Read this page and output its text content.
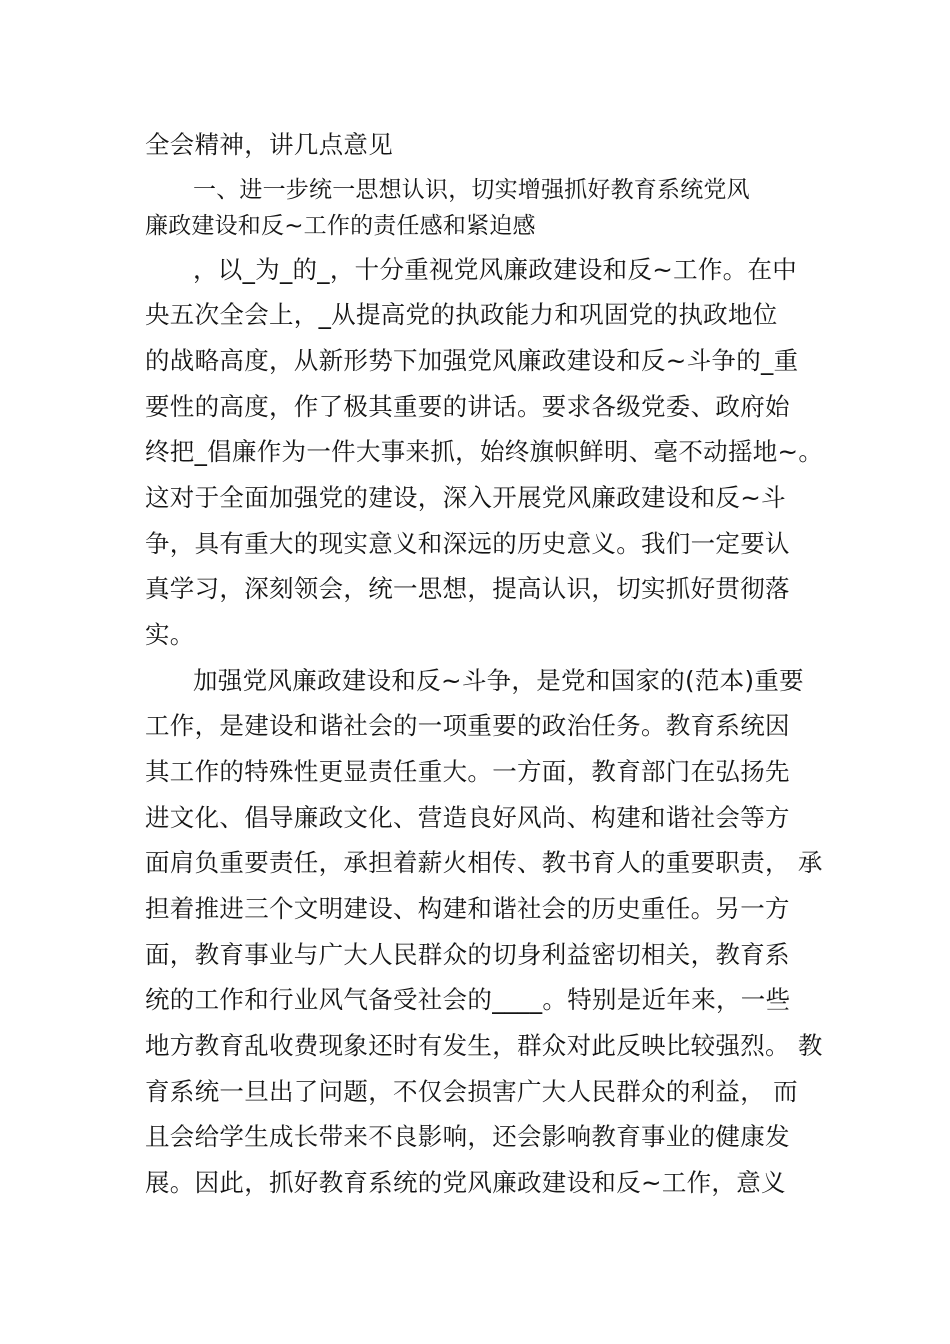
全会精神，讲几点意见
一、进一步统一思想认识，切实增强抓好教育系统党风
廉政建设和反~工作的责任感和紧迫感
，以_为_的_，十分重视党风廉政建设和反~工作。在中
央五次全会上，_从提高党的执政能力和巩固党的执政地位
的战略高度，从新形势下加强党风廉政建设和反~斗争的_重
要性的高度，作了极其重要的讲话。要求各级党委、政府始
终把_倡廉作为一件大事来抓，始终旗帜鲜明、毫不动摇地~。
这对于全面加强党的建设，深入开展党风廉政建设和反~斗
争，具有重大的现实意义和深远的历史意义。我们一定要认
真学习，深刻领会，统一思想，提高认识，切实抓好贯彻落
实。
加强党风廉政建设和反~斗争，是党和国家的(范本)重要
工作，是建设和谐社会的一项重要的政治任务。教育系统因
其工作的特殊性更显责任重大。一方面，教育部门在弘扬先
进文化、倡导廉政文化、营造良好风尚、构建和谐社会等方
面肩负重要责任，承担着薪火相传、教书育人的重要职责， 承
担着推进三个文明建设、构建和谐社会的历史重任。另一方
面，教育事业与广大人民群众的切身利益密切相关，教育系
统的工作和行业风气备受社会的____。特别是近年来，一些
地方教育乱收费现象还时有发生，群众对此反映比较强烈。 教
育系统一旦出了问题，不仅会损害广大人民群众的利益， 而
且会给学生成长带来不良影响，还会影响教育事业的健康发
展。因此，抓好教育系统的党风廉政建设和反~工作，意义
